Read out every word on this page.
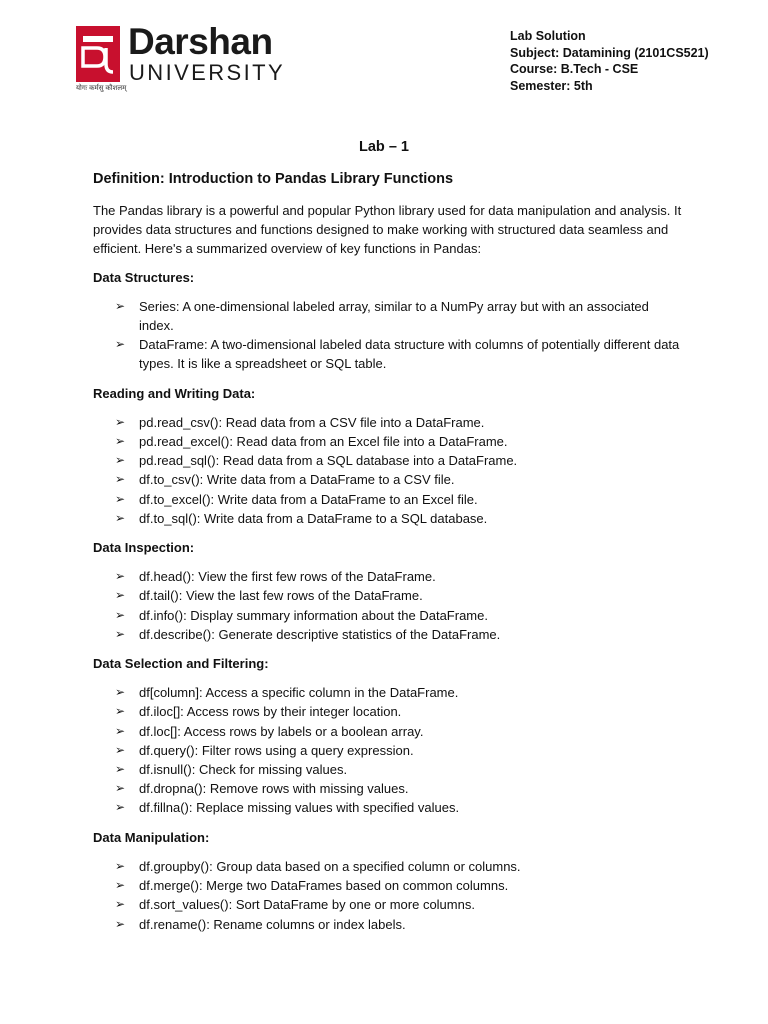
Darshan
UNIVERSITY
योगः कर्मसु कौशलम्
Lab Solution
Subject: Datamining (2101CS521)
Course: B.Tech - CSE
Semester: 5th
Lab – 1
Definition: Introduction to Pandas Library Functions

The Pandas library is a powerful and popular Python library used for data manipulation and analysis. It provides data structures and functions designed to make working with structured data seamless and efficient. Here's a summarized overview of key functions in Pandas:

Data Structures:
➢ Series: A one-dimensional labeled array, similar to a NumPy array but with an associated index.
➢ DataFrame: A two-dimensional labeled data structure with columns of potentially different data types. It is like a spreadsheet or SQL table.
Reading and Writing Data:
➢ pd.read_csv(): Read data from a CSV file into a DataFrame.
➢ pd.read_excel(): Read data from an Excel file into a DataFrame.
➢ pd.read_sql(): Read data from a SQL database into a DataFrame.
➢ df.to_csv(): Write data from a DataFrame to a CSV file.
➢ df.to_excel(): Write data from a DataFrame to an Excel file.
➢ df.to_sql(): Write data from a DataFrame to a SQL database.
Data Inspection:
➢ df.head(): View the first few rows of the DataFrame.
➢ df.tail(): View the last few rows of the DataFrame.
➢ df.info(): Display summary information about the DataFrame.
➢ df.describe(): Generate descriptive statistics of the DataFrame.
Data Selection and Filtering:
➢ df[column]: Access a specific column in the DataFrame.
➢ df.iloc[]: Access rows by their integer location.
➢ df.loc[]: Access rows by labels or a boolean array.
➢ df.query(): Filter rows using a query expression.
➢ df.isnull(): Check for missing values.
➢ df.dropna(): Remove rows with missing values.
➢ df.fillna(): Replace missing values with specified values.
Data Manipulation:
➢ df.groupby(): Group data based on a specified column or columns.
➢ df.merge(): Merge two DataFrames based on common columns.
➢ df.sort_values(): Sort DataFrame by one or more columns.
➢ df.rename(): Rename columns or index labels.
